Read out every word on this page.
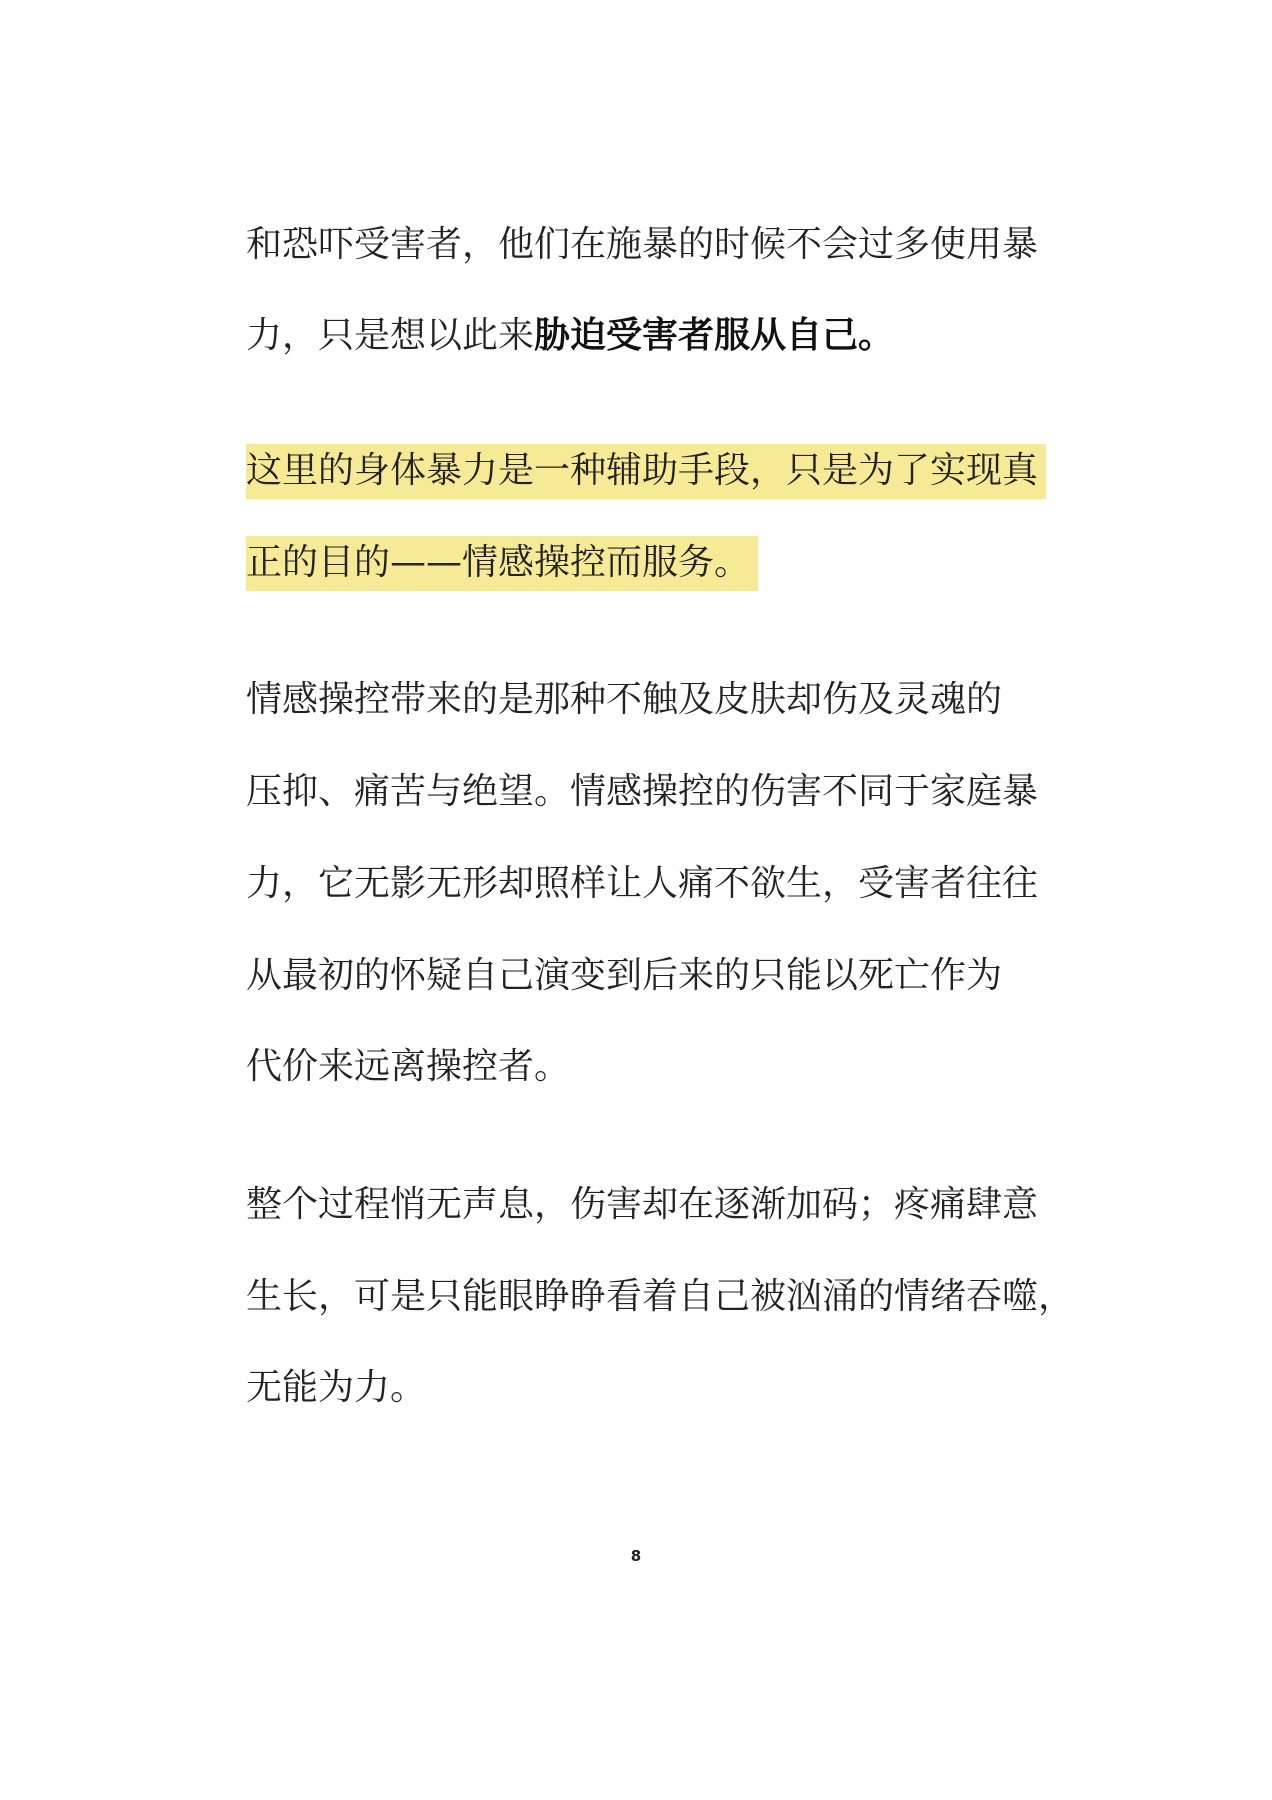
和恐吓受害者，他们在施暴的时候不会过多使用暴
力，只是想以此来胁迫受害者服从自己。
这里的身体暴力是一种辅助手段，只是为了实现真
正的目的——情感操控而服务。
情感操控带来的是那种不触及皮肤却伤及灵魂的
压抑、痛苦与绝望。情感操控的伤害不同于家庭暴
力，它无影无形却照样让人痛不欲生，受害者往往
从最初的怀疑自己演变到后来的只能以死亡作为
代价来远离操控者。
整个过程悄无声息，伤害却在逐渐加码；疼痛肆意
生长，可是只能眼睁睁看着自己被汹涌的情绪吞噬，
无能为力。
8
